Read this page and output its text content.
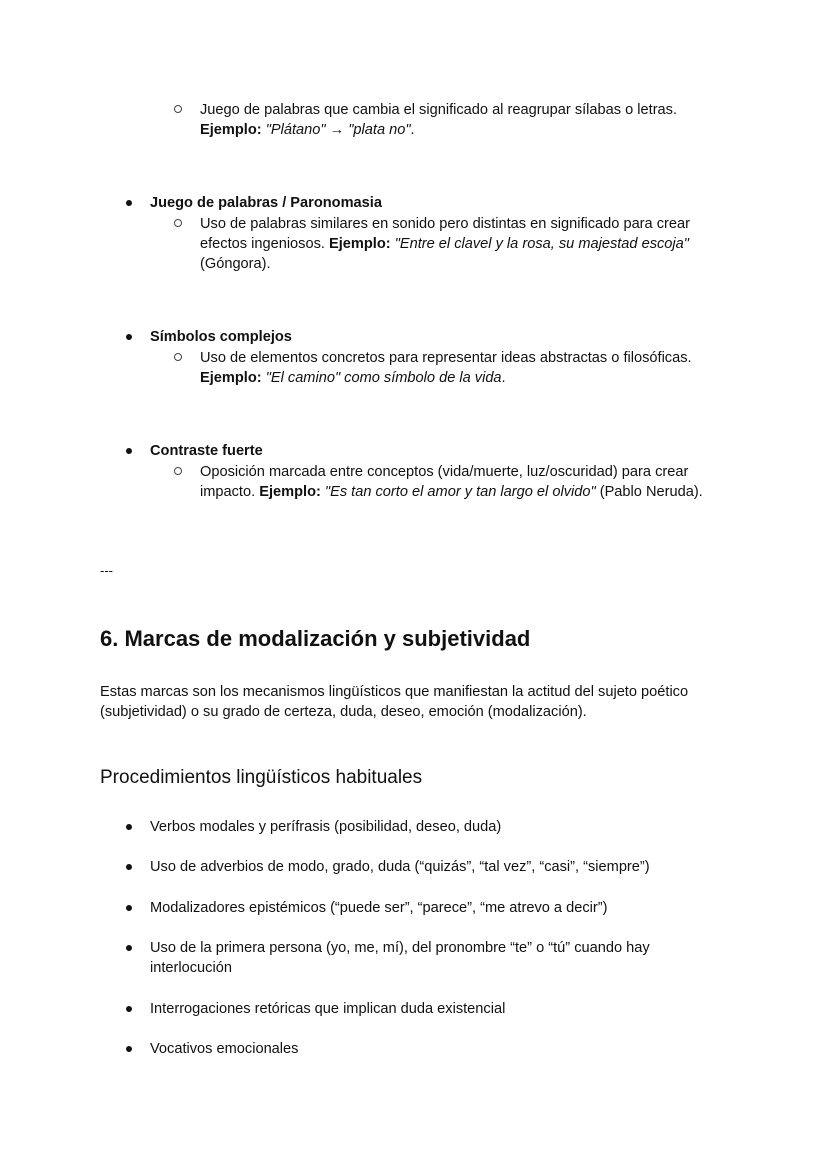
Juego de palabras que cambia el significado al reagrupar sílabas o letras.
Ejemplo: "Plátano" → "plata no".
Juego de palabras / Paronomasia
Uso de palabras similares en sonido pero distintas en significado para crear
efectos ingeniosos. Ejemplo: "Entre el clavel y la rosa, su majestad escoja"
(Góngora).
Símbolos complejos
Uso de elementos concretos para representar ideas abstractas o filosóficas.
Ejemplo: "El camino" como símbolo de la vida.
Contraste fuerte
Oposición marcada entre conceptos (vida/muerte, luz/oscuridad) para crear
impacto. Ejemplo: "Es tan corto el amor y tan largo el olvido" (Pablo Neruda).
---
6. Marcas de modalización y subjetividad
Estas marcas son los mecanismos lingüísticos que manifiestan la actitud del sujeto poético
(subjetividad) o su grado de certeza, duda, deseo, emoción (modalización).
Procedimientos lingüísticos habituales
Verbos modales y perífrasis (posibilidad, deseo, duda)
Uso de adverbios de modo, grado, duda (“quizás”, “tal vez”, “casi”, “siempre”)
Modalizadores epistémicos (“puede ser”, “parece”, “me atrevo a decir”)
Uso de la primera persona (yo, me, mí), del pronombre “te” o “tú” cuando hay
interlocución
Interrogaciones retóricas que implican duda existencial
Vocativos emocionales
